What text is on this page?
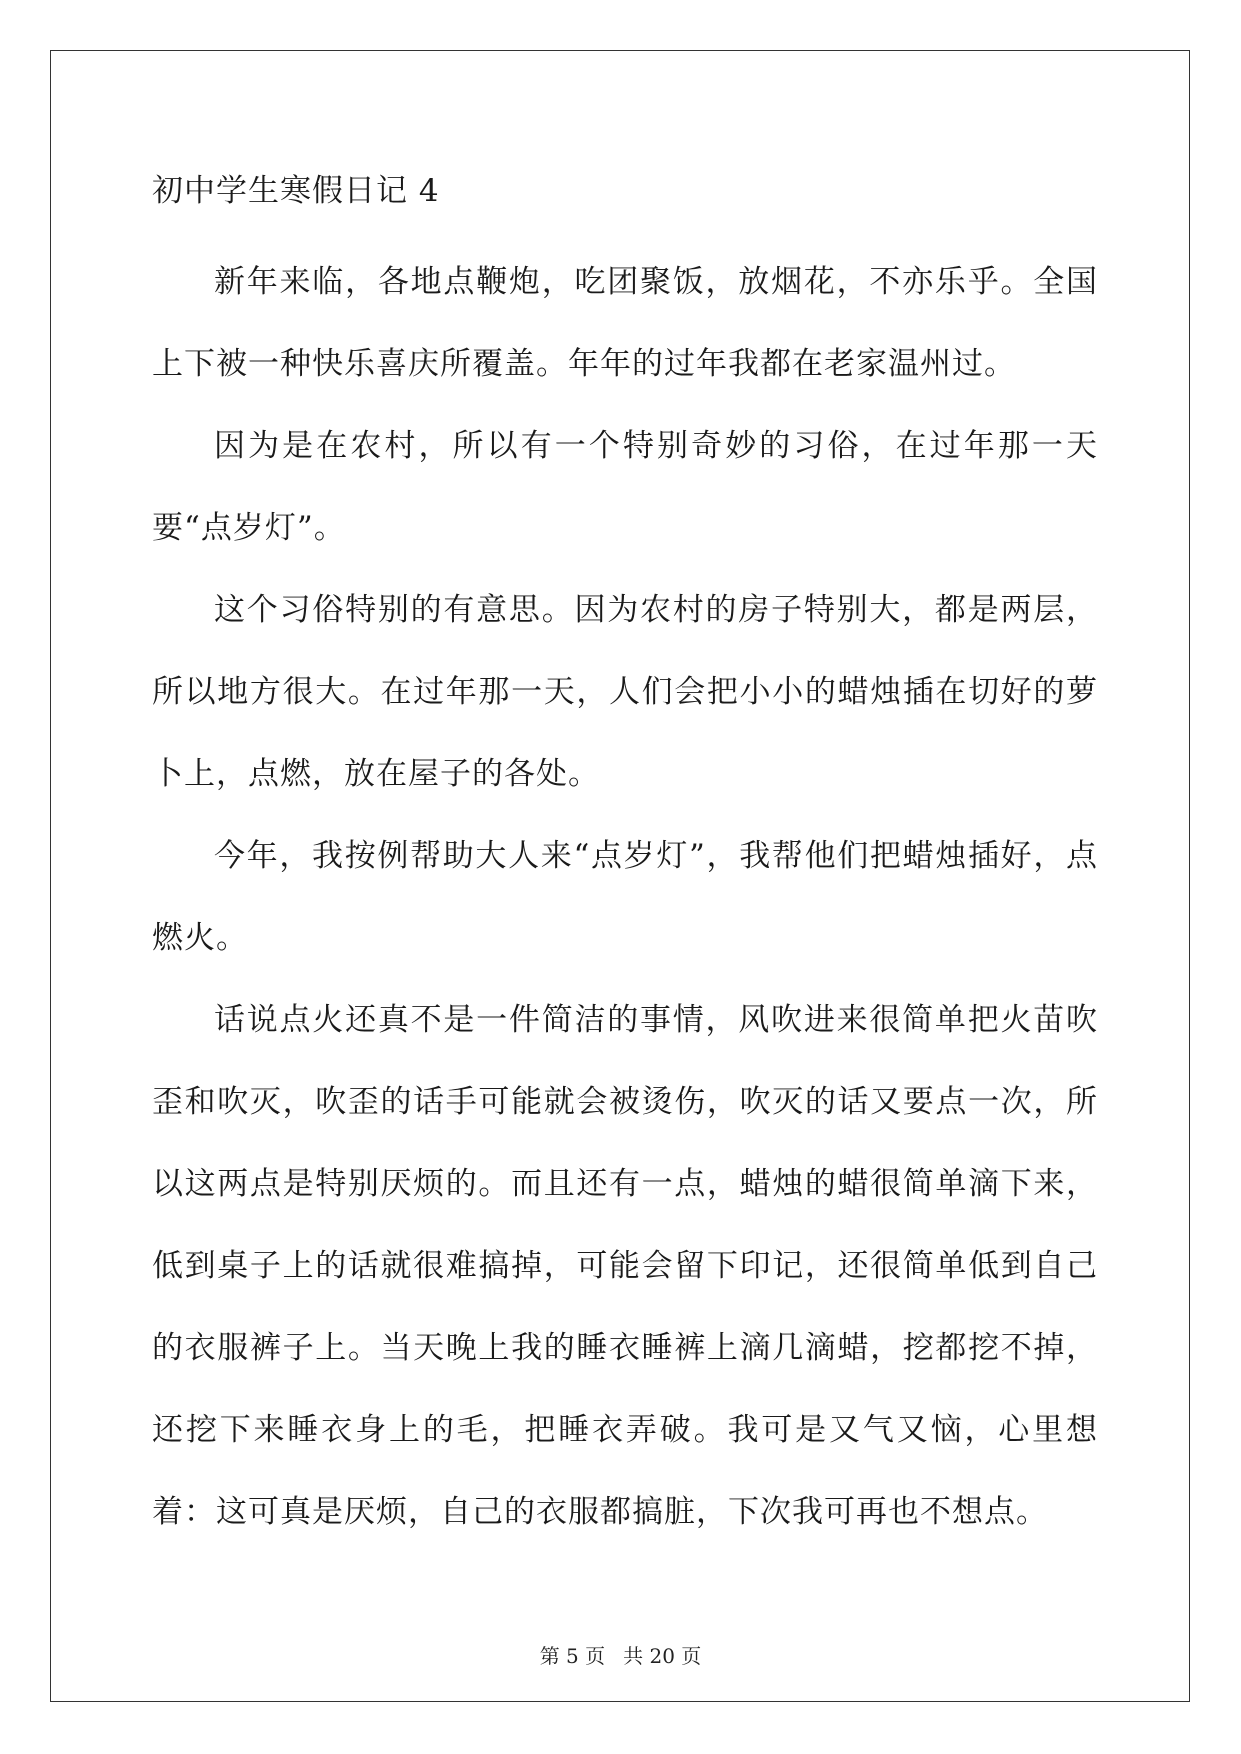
初中学生寒假日记 4

新年来临，各地点鞭炮，吃团聚饭，放烟花，不亦乐乎。全国上下被一种快乐喜庆所覆盖。年年的过年我都在老家温州过。

因为是在农村，所以有一个特别奇妙的习俗，在过年那一天要“点岁灯”。

这个习俗特别的有意思。因为农村的房子特别大，都是两层，所以地方很大。在过年那一天，人们会把小小的蜡烛插在切好的萝卜上，点燃，放在屋子的各处。

今年，我按例帮助大人来“点岁灯”，我帮他们把蜡烛插好，点燃火。

话说点火还真不是一件简洁的事情，风吹进来很简单把火苗吹歪和吹灭，吹歪的话手可能就会被烫伤，吹灭的话又要点一次，所以这两点是特别厌烦的。而且还有一点，蜡烛的蜡很简单滴下来，低到桌子上的话就很难搞掉，可能会留下印记，还很简单低到自己的衣服裤子上。当天晚上我的睡衣睡裤上滴几滴蜡，挖都挖不掉，还挖下来睡衣身上的毛，把睡衣弄破。我可是又气又恼，心里想着：这可真是厌烦，自己的衣服都搞脏，下次我可再也不想点。

第 5 页 共 20 页
